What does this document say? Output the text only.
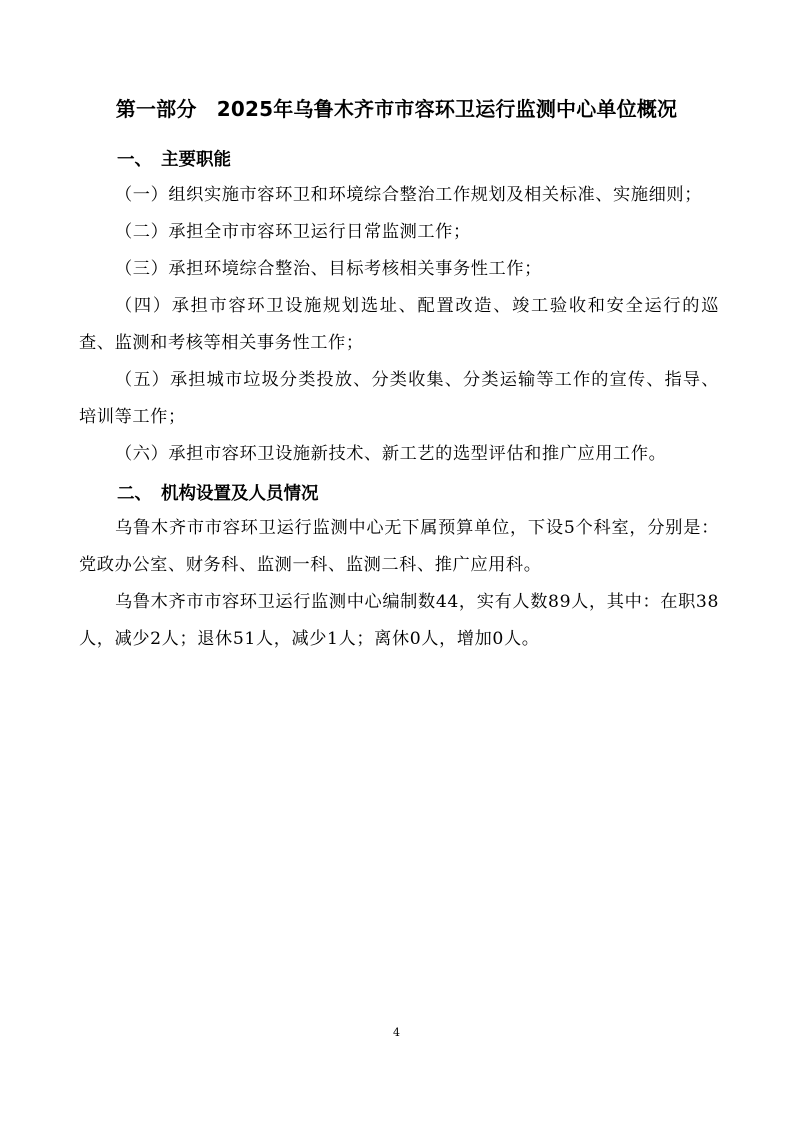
第一部分　2025年乌鲁木齐市市容环卫运行监测中心单位概况
一、 主要职能
（一）组织实施市容环卫和环境综合整治工作规划及相关标准、实施细则；
（二）承担全市市容环卫运行日常监测工作；
（三）承担环境综合整治、目标考核相关事务性工作；
（四）承担市容环卫设施规划选址、配置改造、竣工验收和安全运行的巡查、监测和考核等相关事务性工作；
（五）承担城市垃圾分类投放、分类收集、分类运输等工作的宣传、指导、培训等工作；
（六）承担市容环卫设施新技术、新工艺的选型评估和推广应用工作。
二、 机构设置及人员情况
乌鲁木齐市市容环卫运行监测中心无下属预算单位，下设5个科室，分别是：党政办公室、财务科、监测一科、监测二科、推广应用科。
乌鲁木齐市市容环卫运行监测中心编制数44，实有人数89人，其中：在职38人，减少2人；退休51人，减少1人；离休0人，增加0人。
4
